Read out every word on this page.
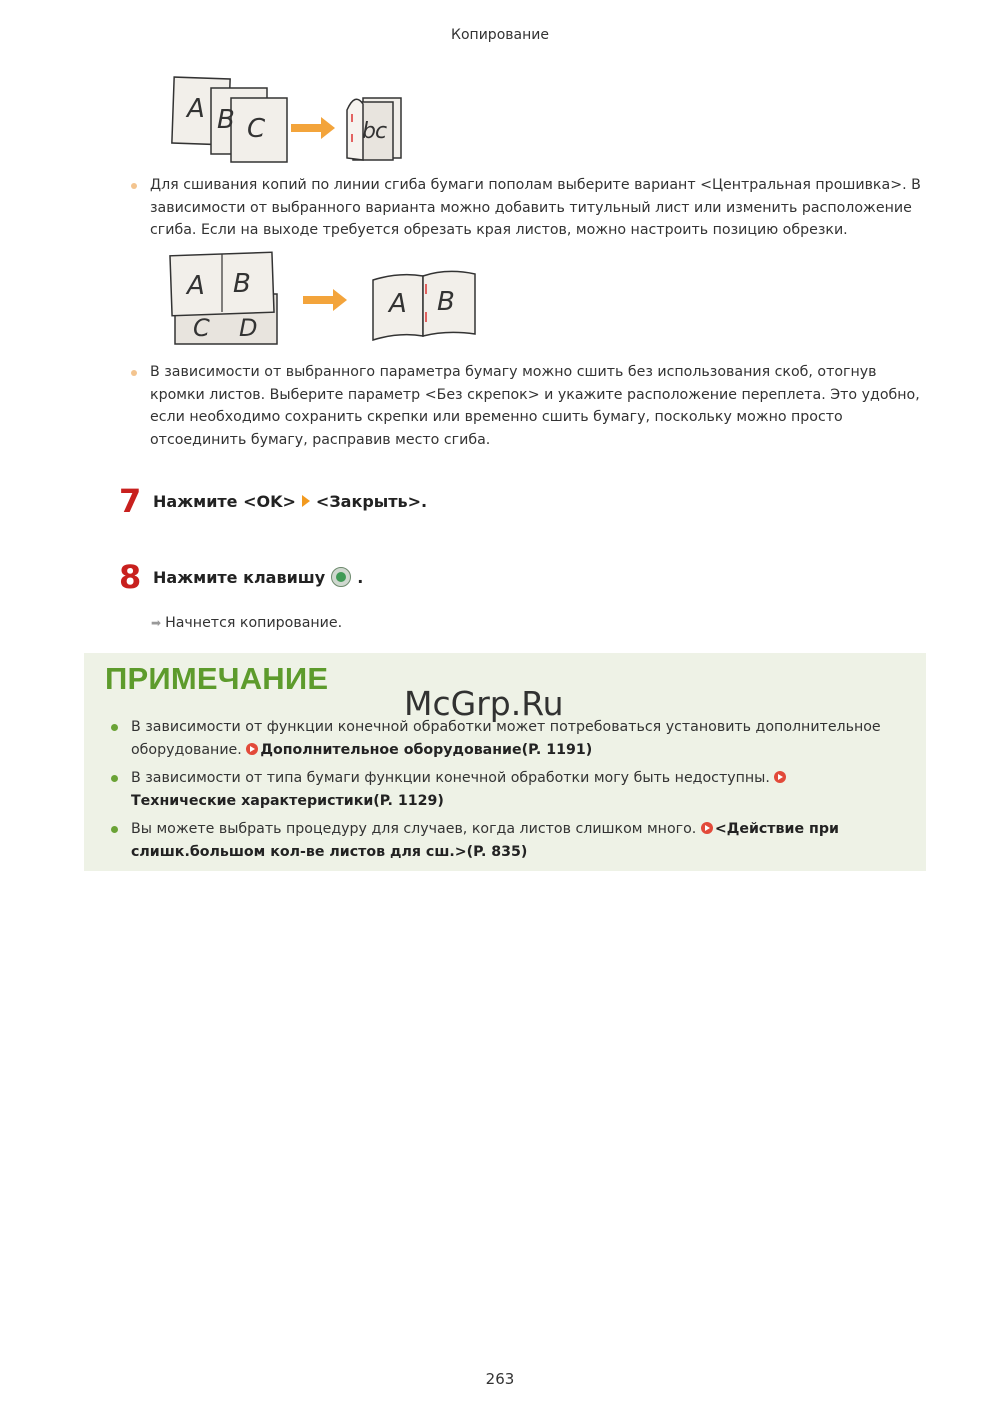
Копирование
A B C	b c
Для сшивания копий по линии сгиба бумаги пополам выберите вариант <Центральная прошивка>. В зависимости от выбранного варианта можно добавить титульный лист или изменить расположение сгиба. Если на выходе требуется обрезать края листов, можно настроить позицию обрезки.
A B
C D
A B
В зависимости от выбранного параметра бумагу можно сшить без использования скоб, отогнув кромки листов. Выберите параметр <Без скрепок> и укажите расположение переплета. Это удобно, если необходимо сохранить скрепки или временно сшить бумагу, поскольку можно просто отсоединить бумагу, расправив место сгиба.
7 Нажмите <OK> <Закрыть>.
8 Нажмите клавишу .
➡ Начнется копирование.
ПРИМЕЧАНИЕ
В зависимости от функции конечной обработки может потребоваться установить дополнительное оборудование. Дополнительное оборудование(P. 1191)
В зависимости от типа бумаги функции конечной обработки могу быть недоступны. Технические характеристики(P. 1129)
Вы можете выбрать процедуру для случаев, когда листов слишком много. <Действие при слишк.большом кол-ве листов для сш.>(P. 835)
McGrp.Ru
263
